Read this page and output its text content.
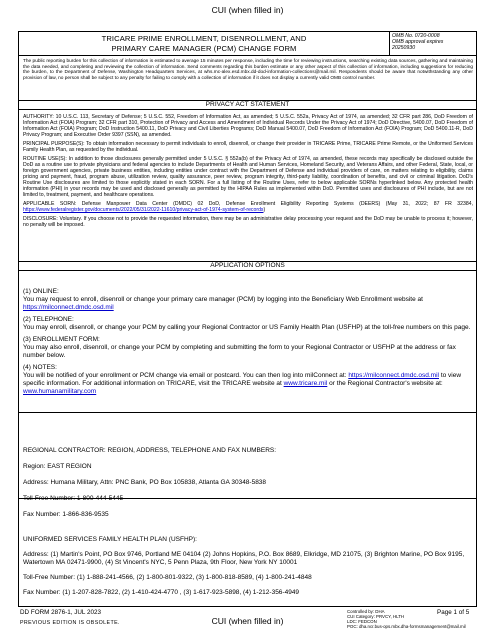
CUI (when filled in)
TRICARE PRIME ENROLLMENT, DISENROLLMENT, AND
PRIMARY CARE MANAGER (PCM) CHANGE FORM
OMB No. 0720-0008
OMB approval expires
20250930
The public reporting burden for this collection of information is estimated to average 15 minutes per response, including the time for reviewing instructions, searching existing data sources, gathering and maintaining the data needed, and completing and reviewing the collection of information. Send comments regarding this burden estimate or any other aspect of this collection of information, including suggestions for reducing the burden, to the Department of Defense, Washington Headquarters Services, at whs.mc-alex.esd.mbx.dd-dod-information-collections@mail.mil. Respondents should be aware that notwithstanding any other provision of law, no person shall be subject to any penalty for failing to comply with a collection of information if it does not display a currently valid OMB control number.
PRIVACY ACT STATEMENT

AUTHORITY: 10 U.S.C. 113, Secretary of Defense; 5 U.S.C. 552, Freedom of Information Act, as amended; 5 U.S.C. 552a, Privacy Act of 1974, as amended; 32 CFR part 286, DoD Freedom of Information Act (FOIA) Program; 32 CFR part 310, Protection of Privacy and Access and Amendment of Individual Records Under the Privacy Act of 1974; DoD Directive, 5400.07, DoD Freedom of Information Act (FOIA) Program; DoD Instruction 5400.11, DoD Privacy and Civil Liberties Programs; DoD Manual 5400.07, DoD Freedom of Information Act (FOIA) Program; DoD 5400.11-R, DoD Privacy Program; and Executive Order 9397 (SSN), as amended.

PRINCIPAL PURPOSE(S): To obtain information necessary to permit individuals to enroll, disenroll, or change their provider in TRICARE Prime, TRICARE Prime Remote, or the Uniformed Services Family Health Plan, as requested by the individual.

ROUTINE USE(S): In addition to those disclosures generally permitted under 5 U.S.C. § 552a(b) of the Privacy Act of 1974, as amended, these records may specifically be disclosed outside the DoD as a routine use to private physicians and federal agencies to include Departments of Health and Human Services, Homeland Security, and Veterans Affairs, and other Federal, State, local, or foreign government agencies, private business entities, including entities under contract with the Department of Defense and individual providers of care, on matters relating to eligibility, claims pricing and payment, fraud, program abuse, utilization review, quality assurance, peer review, program integrity, third-party liability, coordination of benefits, and civil or criminal litigation. DoD's Routine Use disclosures are limited to those explicitly stated in each SORN. For a full listing of the Routine Uses, refer to below applicable SORNs hyperlinked below. Any protected health information (PHI) in your records may be used and disclosed generally as permitted by the HIPAA Rules as implemented within DoD. Permitted uses and disclosures of PHI include, but are not limited to, treatment, payment, and healthcare operations.

APPLICABLE SORN: Defense Manpower Data Center (DMDC) 02 DoD, Defense Enrollment Eligibility Reporting Systems (DEERS) (May 31, 2022; 87 FR 32384, https://www.federalregister.gov/documents/2022/05/31/2022-11610/privacy-act-of-1974-system-of-records)

DISCLOSURE: Voluntary. If you choose not to provide the requested information, there may be an administrative delay processing your request and the DoD may be unable to process it; however, no penalty will be imposed.

APPLICATION OPTIONS

(1) ONLINE:

You may request to enroll, disenroll or change your primary care manager (PCM) by logging into the Beneficiary Web Enrollment website at https://milconnect.dmdc.osd.mil

(2) TELEPHONE:

You may enroll, disenroll, or change your PCM by calling your Regional Contractor or US Family Health Plan (USFHP) at the toll-free numbers on this page.

(3) ENROLLMENT FORM:

You may also enroll, disenroll, or change your PCM by completing and submitting the form to your Regional Contractor or USFHP at the address or fax number below.

(4) NOTES:

You will be notified of your enrollment or PCM change via email or postcard. You can then log into milConnect at: https://milconnect.dmdc.osd.mil to view specific information. For additional information on TRICARE, visit the TRICARE website at www.tricare.mil or the Regional Contractor's website at: www.humanamilitary.com

REGIONAL CONTRACTOR: REGION, ADDRESS, TELEPHONE AND FAX NUMBERS:

Region: EAST REGION

Address: Humana Military, Attn: PNC Bank, PO Box 105838, Atlanta GA 30348-5838

Toll-Free Number: 1-800-444-5445

Fax Number: 1-866-836-9535

UNIFORMED SERVICES FAMILY HEALTH PLAN (USFHP):

Address: (1) Martin's Point, PO Box 9746, Portland ME 04104 (2) Johns Hopkins, P.O. Box 8689, Elkridge, MD 21075, (3) Brighton Marine, PO Box 9195, Watertown MA 02471-9900, (4) St Vincent's NYC, 5 Penn Plaza, 9th Floor, New York NY 10001

Toll-Free Number: (1) 1-888-241-4566, (2) 1-800-801-9322, (3) 1-800-818-8589, (4) 1-800-241-4848

Fax Number: (1) 1-207-828-7822, (2) 1-410-424-4770 , (3) 1-617-923-5898, (4) 1-212-356-4949

DD FORM 2876-1, JUL 2023
PREVIOUS EDITION IS OBSOLETE.	CUI (when filled in)
Controlled by: DHA
CUI Category: PRVCY, HLTH
LDC: FEDCON
POC: dha.ncr.bus-ops.mbx.dha-formsmanagement@mail.mil
Page 1 of 5
